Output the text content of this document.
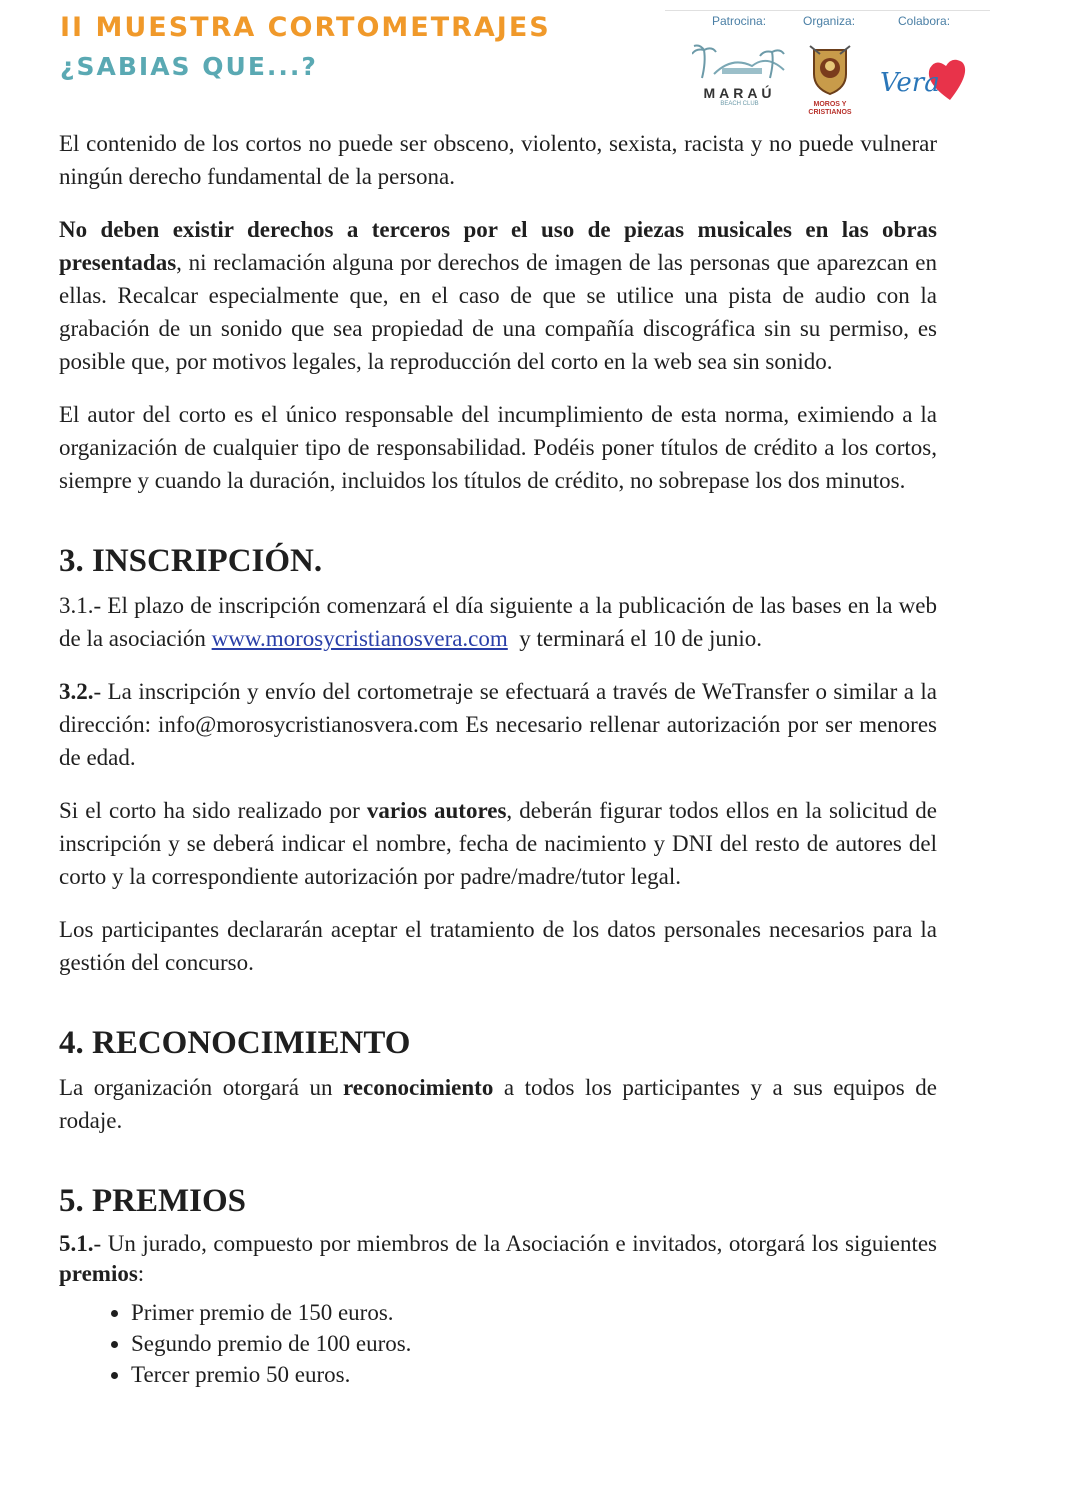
II MUESTRA CORTOMETRAJES
¿SABIAS QUE...?
Patrocina:	Organiza:	Colabora:
MARAÚ
BEACH CLUB	MOROS Y CRISTIANOS
Vera

El contenido de los cortos no puede ser obsceno, violento, sexista, racista y no puede vulnerar ningún derecho fundamental de la persona.

No deben existir derechos a terceros por el uso de piezas musicales en las obras presentadas, ni reclamación alguna por derechos de imagen de las personas que aparezcan en ellas. Recalcar especialmente que, en el caso de que se utilice una pista de audio con la grabación de un sonido que sea propiedad de una compañía discográfica sin su permiso, es posible que, por motivos legales, la reproducción del corto en la web sea sin sonido.

El autor del corto es el único responsable del incumplimiento de esta norma, eximiendo a la organización de cualquier tipo de responsabilidad. Podéis poner títulos de crédito a los cortos, siempre y cuando la duración, incluidos los títulos de crédito, no sobrepase los dos minutos.

3. INSCRIPCIÓN.

3.1.- El plazo de inscripción comenzará el día siguiente a la publicación de las bases en la web de la asociación www.morosycristianosvera.com  y terminará el 10 de junio.

3.2.- La inscripción y envío del cortometraje se efectuará a través de WeTransfer o similar a la dirección: info@morosycristianosvera.com Es necesario rellenar autorización por ser menores de edad.

Si el corto ha sido realizado por varios autores, deberán figurar todos ellos en la solicitud de inscripción y se deberá indicar el nombre, fecha de nacimiento y DNI del resto de autores del corto y la correspondiente autorización por padre/madre/tutor legal.

Los participantes declararán aceptar el tratamiento de los datos personales necesarios para la gestión del concurso.

4. RECONOCIMIENTO

La organización otorgará un reconocimiento a todos los participantes y a sus equipos de rodaje.

5. PREMIOS

5.1.- Un jurado, compuesto por miembros de la Asociación e invitados, otorgará los siguientes premios:

• Primer premio de 150 euros.
• Segundo premio de 100 euros.
• Tercer premio 50 euros.
